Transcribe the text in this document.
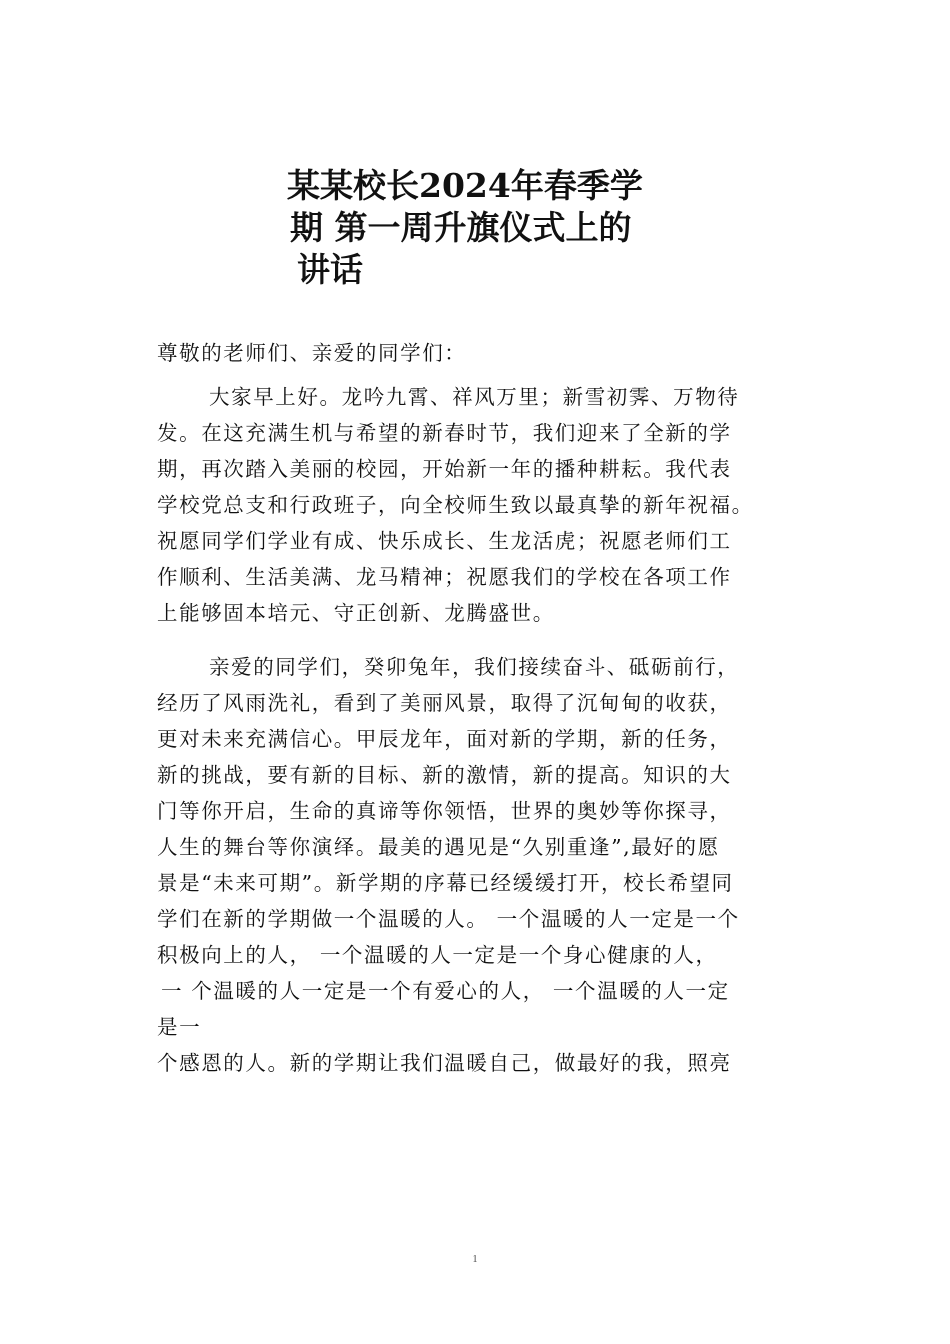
某某校长2024年春季学
期 第一周升旗仪式上的
讲话
尊敬的老师们、亲爱的同学们：
大家早上好。龙吟九霄、祥风万里；新雪初霁、万物待
发。在这充满生机与希望的新春时节，我们迎来了全新的学
期，再次踏入美丽的校园，开始新一年的播种耕耘。我代表
学校党总支和行政班子，向全校师生致以最真挚的新年祝福。
祝愿同学们学业有成、快乐成长、生龙活虎；祝愿老师们工
作顺利、生活美满、龙马精神；祝愿我们的学校在各项工作
上能够固本培元、守正创新、龙腾盛世。
亲爱的同学们，癸卯兔年，我们接续奋斗、砥砺前行，
经历了风雨洗礼，看到了美丽风景，取得了沉甸甸的收获，
更对未来充满信心。甲辰龙年，面对新的学期，新的任务，
新的挑战，要有新的目标、新的激情，新的提高。知识的大
门等你开启，生命的真谛等你领悟，世界的奥妙等你探寻，
人生的舞台等你演绎。最美的遇见是“久别重逢”,最好的愿
景是“未来可期”。新学期的序幕已经缓缓打开，校长希望同
学们在新的学期做一个温暖的人。 一个温暖的人一定是一个
积极向上的人， 一个温暖的人一定是一个身心健康的人，
一 个温暖的人一定是一个有爱心的人， 一个温暖的人一定
是一
个感恩的人。新的学期让我们温暖自己，做最好的我，照亮
1
